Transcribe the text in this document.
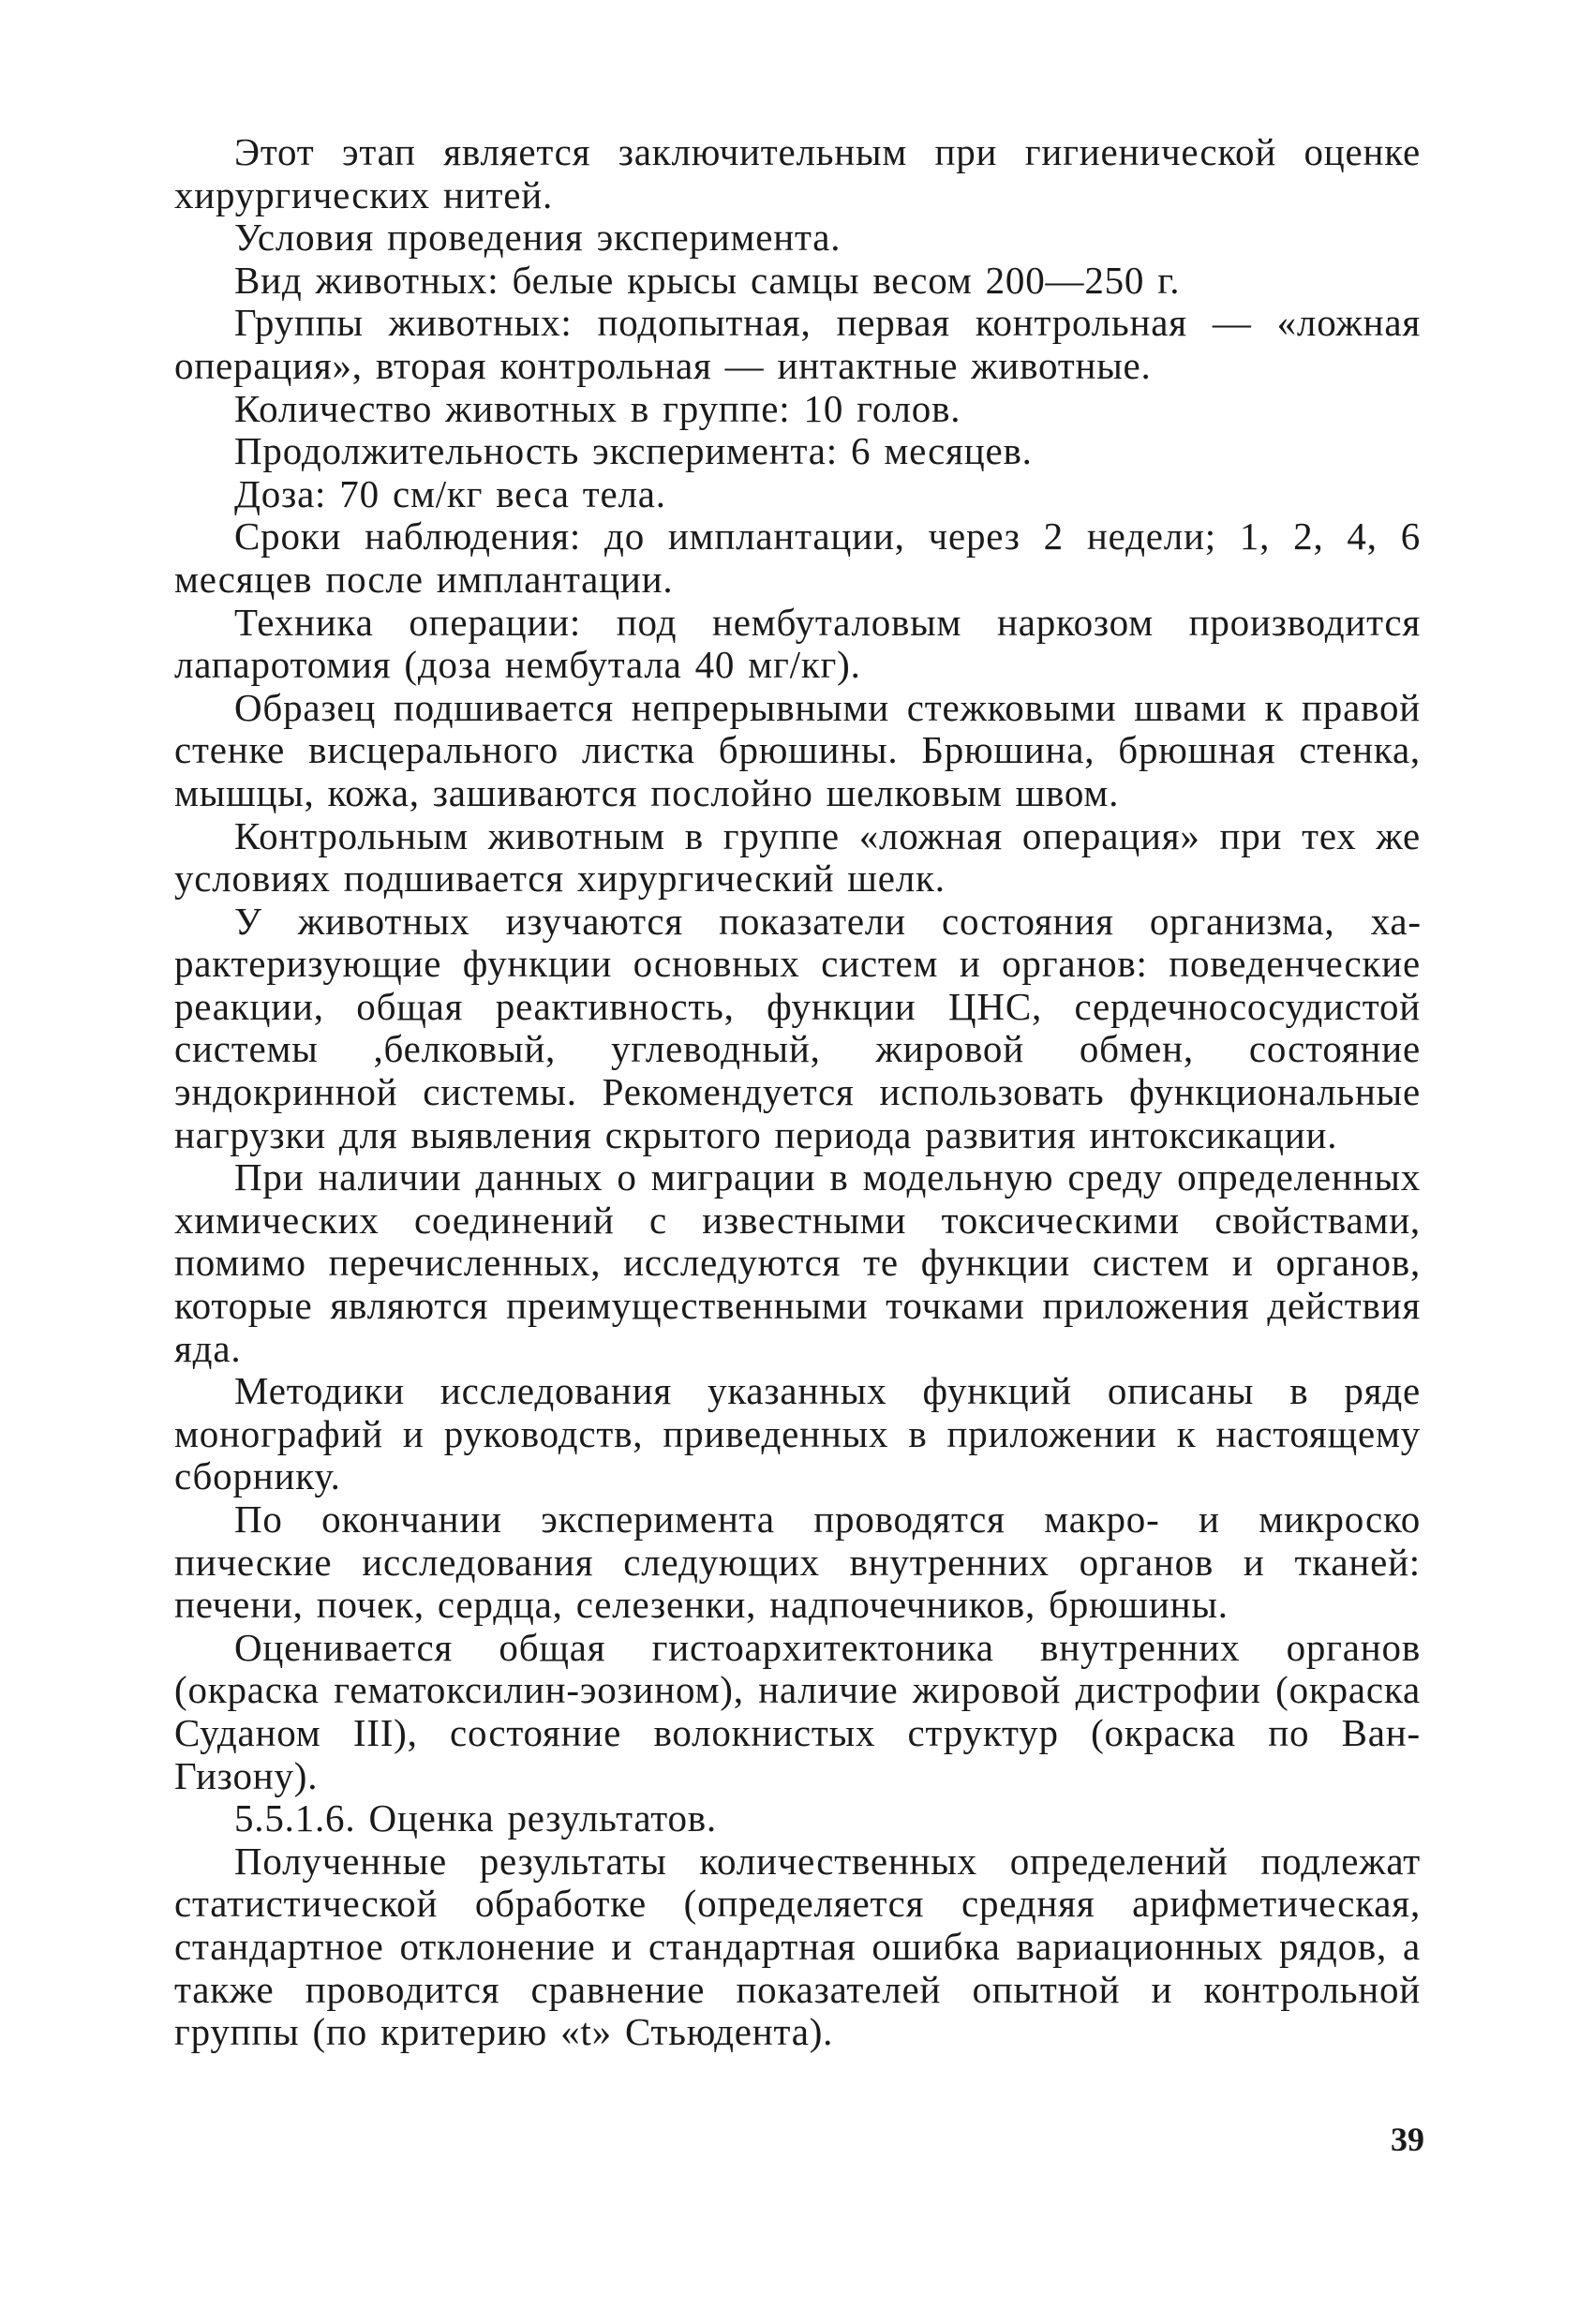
Этот этап является заключительным при гигиенической оценке хирургических нитей.

Условия проведения эксперимента.

Вид животных: белые крысы самцы весом 200—250 г.

Группы животных: подопытная, первая контрольная — «ложная операция», вторая контрольная — интактные животные.

Количество животных в группе: 10 голов.

Продолжительность эксперимента: 6 месяцев.

Доза: 70 см/кг веса тела.

Сроки наблюдения: до имплантации, через 2 недели; 1, 2, 4, 6 месяцев после имплантации.

Техника операции: под нембуталовым наркозом производится лапаротомия (доза нембутала 40 мг/кг).

Образец подшивается непрерывными стежковыми швами к правой стенке висцерального листка брюшины. Брюшина, брюшная стенка, мышцы, кожа, зашиваются послойно шелковым швом.

Контрольным животным в группе «ложная операция» при тех же условиях подшивается хирургический шелк.

У животных изучаются показатели состояния организма, характеризующие функции основных систем и органов: поведенческие реакции, общая реактивность, функции ЦНС, сердечнососудистой системы ,белковый, углеводный, жировой обмен, состояние эндокринной системы. Рекомендуется использовать функциональные нагрузки для выявления скрытого периода развития интоксикации.

При наличии данных о миграции в модельную среду определенных химических соединений с известными токсическими свойствами, помимо перечисленных, исследуются те функции систем и органов, которые являются преимущественными точками приложения действия яда.

Методики исследования указанных функций описаны в ряде монографий и руководств, приведенных в приложении к настоящему сборнику.

По окончании эксперимента проводятся макро- и микроско пические исследования следующих внутренних органов и тканей: печени, почек, сердца, селезенки, надпочечников, брюшины.

Оценивается общая гистоархитектоника внутренних органов (окраска гематоксилин-эозином), наличие жировой дистрофии (окраска Суданом III), состояние волокнистых структур (окраска по Ван-Гизону).

5.5.1.6. Оценка результатов.

Полученные результаты количественных определений подлежат статистической обработке (определяется средняя арифметическая, стандартное отклонение и стандартная ошибка вариационных рядов, а также проводится сравнение показателей опытной и контрольной группы (по критерию «t» Стьюдента).

39
